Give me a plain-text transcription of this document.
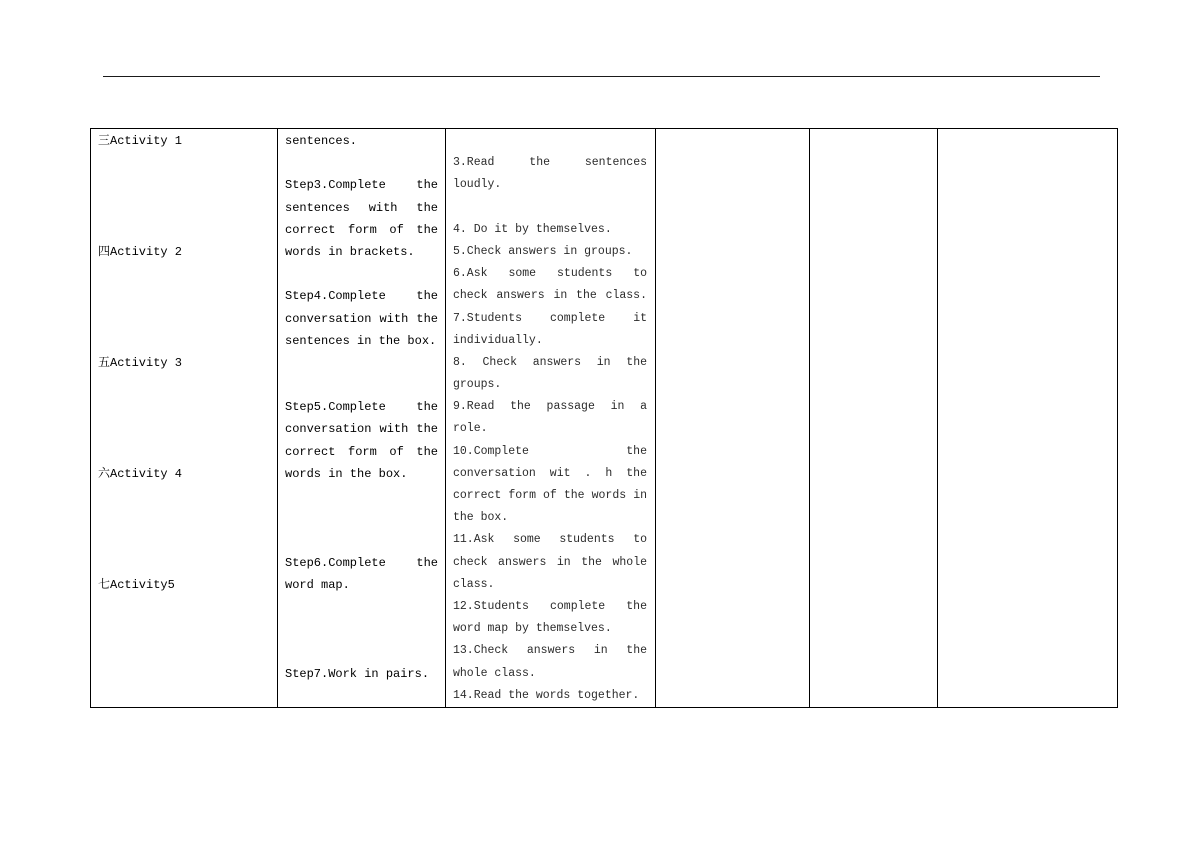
三Activity 1
四Activity 2
五Activity 3
六Activity 4
七Activity5
sentences.
Step3.Complete the
sentences with the
correct form of the
words in brackets.
Step4.Complete the
conversation with the
sentences in the box.
Step5.Complete the
conversation with the
correct form of the
words in the box.
Step6.Complete the
word map.
Step7.Work in pairs.
3.Read the sentences
loudly.
4. Do it by themselves.
5.Check answers in groups.
6.Ask some students to
check answers in the class.
7.Students complete it
individually.
8. Check answers in the
groups.
9.Read the passage in a
role.
10.Complete the
conversation wit . h the
correct form of the words in
the box.
11.Ask some students to
check answers in the whole
class.
12.Students complete the
word map by themselves.
13.Check answers in the
whole class.
14.Read the words together.
